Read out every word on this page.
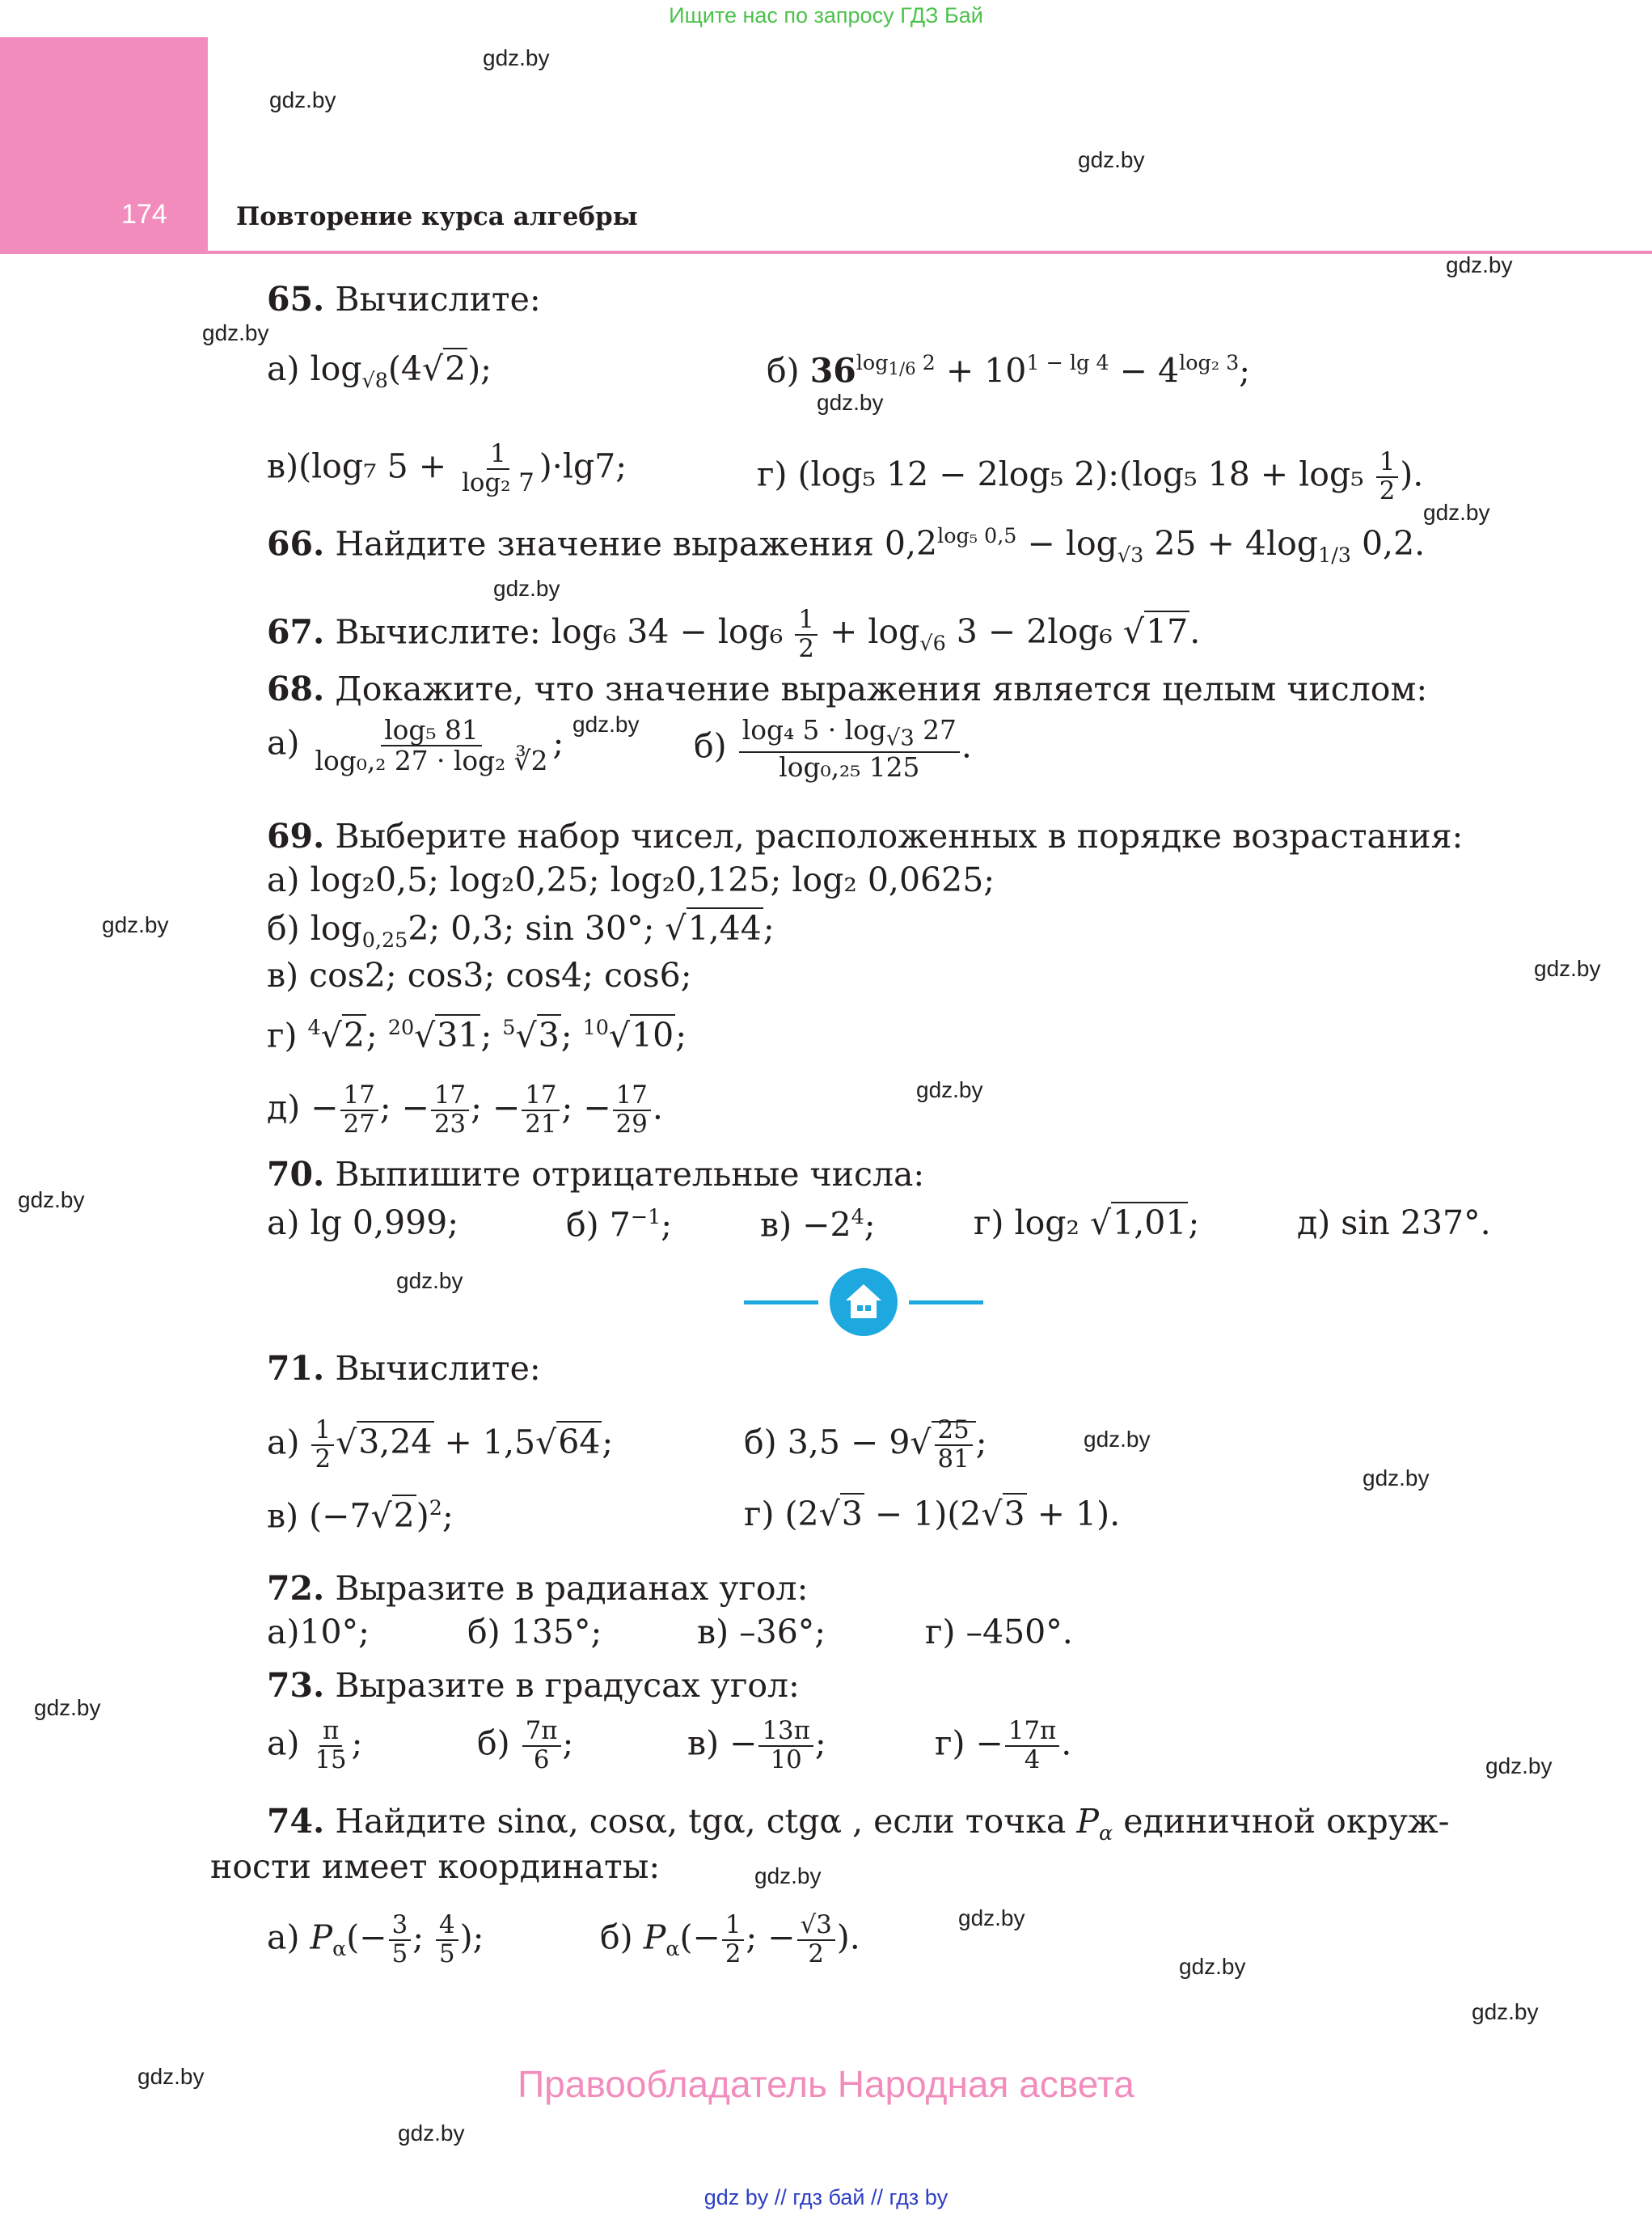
Ищите нас по запросу ГДЗ Бай
174	Повторение курса алгебры
gdz.by
gdz.by
gdz.by
gdz.by
gdz.by
gdz.by
gdz.by
gdz.by
gdz.by
gdz.by
gdz.by
gdz.by
gdz.by
gdz.by
gdz.by
gdz.by
gdz.by
gdz.by
gdz.by
gdz.by
gdz.by
gdz.by
gdz.by
gdz.by
65. Вычислите:
а) $\log_{√8}(4√2)$;	б) $36^{log_{1/6} 2} + 10^{1 - lg 4} - 4^{log_2 3}$;
в)(log₇ $5 + \frac{1}{\text{log₂ 7}} )\cdot\lg 7$;	г) (log₅ 12 − 2log₅ 2):(log₅ $18 + \log_5 \frac{1}{2}$ ).
66. Найдите значение выражения $0,2^{log_5 0,5} - \log_{√3} 25 + 4\log_{1/3}$ 0,2.
67. Вычислите: log₆ $34 - \log_6 \frac{1}{2} + \log_{√6} 3 - 2\log_6$ √17.
68. Докажите, что значение выражения является целым числом:
$а) \frac{\text{log₅ 81}}{\text{log₀,₂ 27 · log₂ ∛2}}$ ;	$б) \frac{\log_4 5 \cdot \log_{√3} 27}{\text{log₀,₂₅ 125}}$ .
69. Выберите набор чисел, расположенных в порядке возрастания:
а) log₂0,5; log₂0,25; log₂0,125; log₂ 0,0625;
б) $\log_{0,25}2$; 0,3; sin 30°; √1,44;
в) cos2; cos3; cos4; cos6;
г) $^4$√2; $^{20}$√31; $^5$√3; $^{10}$√10;
$д) - \frac{17}{27}$ ; − $\frac{17}{23}$ ; − $\frac{17}{21}$ ; − $\frac{17}{29}$ .
70. Выпишите отрицательные числа:
а) lg 0,999;	б) $7^{-1}$;	$в) -2^4$;	г) log₂ √1,01;	д) sin 237°.
71. Вычислите:
$а) \frac{1}{2} √3,24 + 1,5√64$;	б) $3,5 - 9√ \frac{25}{81}$ ;
в) $(-7√2)^2$;	г) (2√3 − 1)(2√3 + 1).
72. Выразите в радианах угол:
а)10°;	б) 135°;	в) –36°;	г) –450°.
73. Выразите в градусах угол:
$а) \frac{\pi}{15}$ ;	$б) \frac{7\pi}{6}$ ;	$в) - \frac{13\pi}{10}$ ;	$г) - \frac{17\pi}{4}$ .
74. Найдите sinα, cosα, tgα, ctgα , если точка $P_\alpha$ единичной окруж-
ности имеет координаты:
а) $P_\alpha(- \frac{3}{5}$ ; $\frac{4}{5}$ );	б) $P_\alpha(- \frac{1}{2}$ ; − $\frac{√3}{2}$ ).
Правообладатель Народная асвета
gdz by // гдз бай // гдз by
